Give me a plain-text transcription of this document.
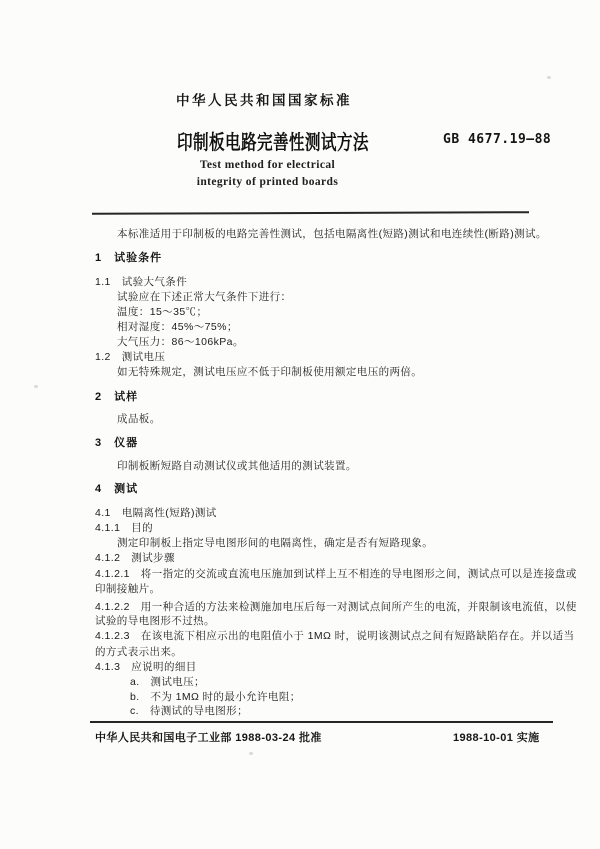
中华人民共和国国家标准
印制板电路完善性测试方法	GB 4677.19—88
Test method for electrical
integrity of printed boards
本标准适用于印制板的电路完善性测试，包括电隔离性(短路)测试和电连续性(断路)测试。
1　试验条件
1.1　试验大气条件
试验应在下述正常大气条件下进行：
温度：15～35℃；
相对湿度：45%～75%；
大气压力：86～106kPa。
1.2　测试电压
如无特殊规定，测试电压应不低于印制板使用额定电压的两倍。
2　试样
成品板。
3　仪器
印制板断短路自动测试仪或其他适用的测试装置。
4　测试
4.1　电隔离性(短路)测试
4.1.1　目的
测定印制板上指定导电图形间的电隔离性，确定是否有短路现象。
4.1.2　测试步骤
4.1.2.1　将一指定的交流或直流电压施加到试样上互不相连的导电图形之间，测试点可以是连接盘或
印制接触片。
4.1.2.2　用一种合适的方法来检测施加电压后每一对测试点间所产生的电流，并限制该电流值，以使
试验的导电图形不过热。
4.1.2.3　在该电流下相应示出的电阻值小于 1MΩ 时，说明该测试点之间有短路缺陷存在。并以适当
的方式表示出来。
4.1.3　应说明的细目
a.　测试电压；
b.　不为 1MΩ 时的最小允许电阻；
c.　待测试的导电图形；
中华人民共和国电子工业部 1988-03-24 批准	1988-10-01 实施
